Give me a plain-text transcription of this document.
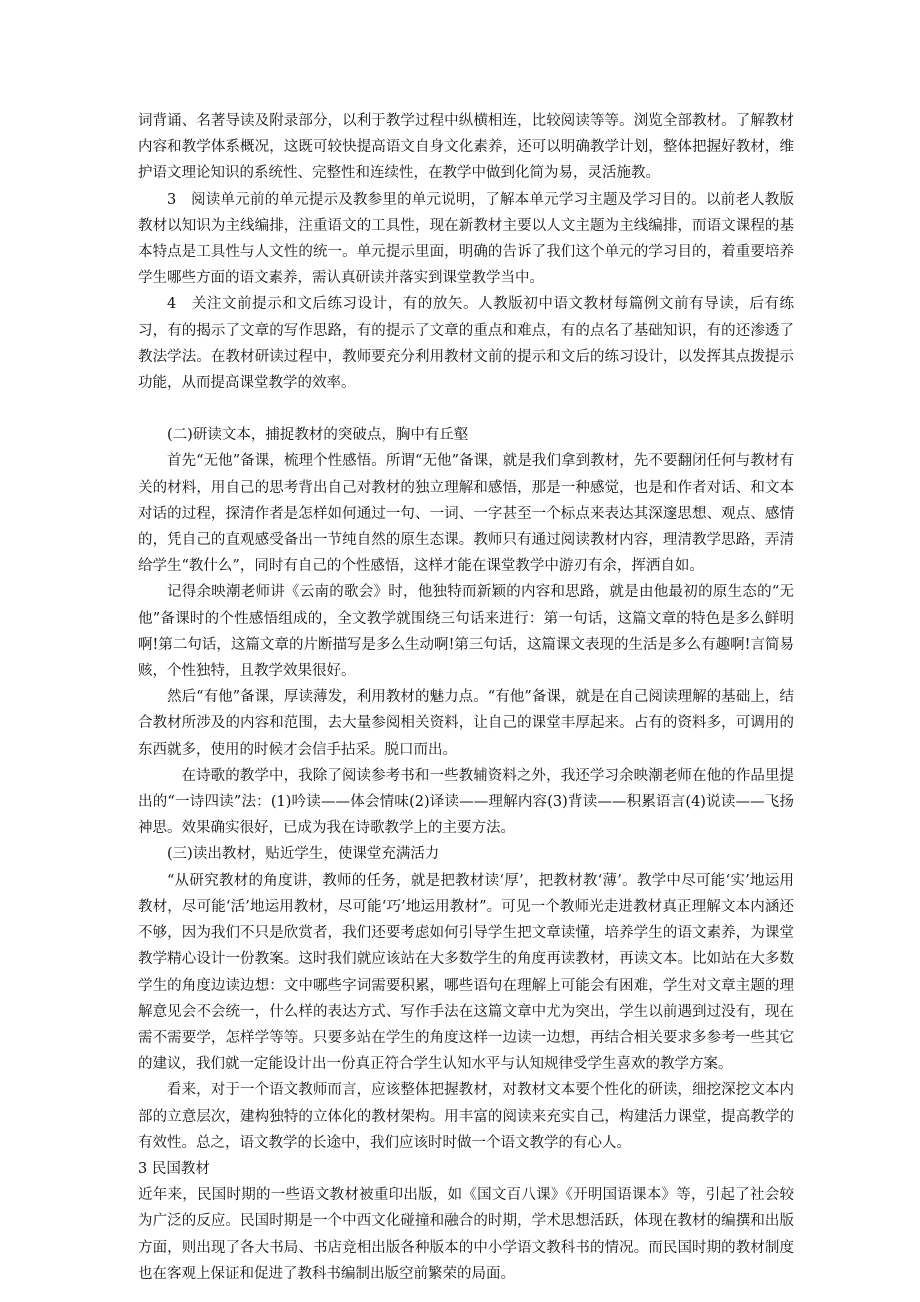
词背诵、名著导读及附录部分，以利于教学过程中纵横相连，比较阅读等等。浏览全部教材。了解教材内容和教学体系概况，这既可较快提高语文自身文化素养，还可以明确教学计划，整体把握好教材，维护语文理论知识的系统性、完整性和连续性，在教学中做到化简为易，灵活施教。

3　阅读单元前的单元提示及教参里的单元说明，了解本单元学习主题及学习目的。以前老人教版教材以知识为主线编排，注重语文的工具性，现在新教材主要以人文主题为主线编排，而语文课程的基本特点是工具性与人文性的统一。单元提示里面，明确的告诉了我们这个单元的学习目的，着重要培养学生哪些方面的语文素养，需认真研读并落实到课堂教学当中。

4　关注文前提示和文后练习设计，有的放矢。人教版初中语文教材每篇例文前有导读，后有练习，有的揭示了文章的写作思路，有的提示了文章的重点和难点，有的点名了基础知识，有的还渗透了教法学法。在教材研读过程中，教师要充分利用教材文前的提示和文后的练习设计，以发挥其点拨提示功能，从而提高课堂教学的效率。

(二)研读文本，捕捉教材的突破点，胸中有丘壑

首先“无他”备课，梳理个性感悟。所谓“无他”备课，就是我们拿到教材，先不要翻闭任何与教材有关的材料，用自己的思考背出自己对教材的独立理解和感悟，那是一种感觉，也是和作者对话、和文本对话的过程，探清作者是怎样如何通过一句、一词、一字甚至一个标点来表达其深邃思想、观点、感情的，凭自己的直观感受备出一节纯自然的原生态课。教师只有通过阅读教材内容，理清教学思路，弄清给学生“教什么”，同时有自己的个性感悟，这样才能在课堂教学中游刃有余，挥洒自如。

记得余映潮老师讲《云南的歌会》时，他独特而新颖的内容和思路，就是由他最初的原生态的“无他”备课时的个性感悟组成的，全文教学就围绕三句话来进行：第一句话，这篇文章的特色是多么鲜明啊!第二句话，这篇文章的片断描写是多么生动啊!第三句话，这篇课文表现的生活是多么有趣啊!言简易赅，个性独特，且教学效果很好。

然后“有他”备课，厚读薄发，利用教材的魅力点。“有他”备课，就是在自己阅读理解的基础上，结合教材所涉及的内容和范围，去大量参阅相关资料，让自己的课堂丰厚起来。占有的资料多，可调用的东西就多，使用的时候才会信手拈采。脱口而出。

在诗歌的教学中，我除了阅读参考书和一些教辅资料之外，我还学习余映潮老师在他的作品里提出的“一诗四读”法：(1)吟读——体会情味(2)译读——理解内容(3)背读——积累语言(4)说读——飞扬神思。效果确实很好，已成为我在诗歌教学上的主要方法。

(三)读出教材，贴近学生，使课堂充满活力

“从研究教材的角度讲，教师的任务，就是把教材读‘厚’，把教材教‘薄’。教学中尽可能‘实’地运用教材，尽可能‘活’地运用教材，尽可能‘巧’地运用教材”。可见一个教师光走进教材真正理解文本内涵还不够，因为我们不只是欣赏者，我们还要考虑如何引导学生把文章读懂，培养学生的语文素养，为课堂教学精心设计一份教案。这时我们就应该站在大多数学生的角度再读教材，再读文本。比如站在大多数学生的角度边读边想：文中哪些字词需要积累，哪些语句在理解上可能会有困难，学生对文章主题的理解意见会不会统一，什么样的表达方式、写作手法在这篇文章中尤为突出，学生以前遇到过没有，现在需不需要学，怎样学等等。只要多站在学生的角度这样一边读一边想，再结合相关要求多参考一些其它的建议，我们就一定能设计出一份真正符合学生认知水平与认知规律受学生喜欢的教学方案。

看来，对于一个语文教师而言，应该整体把握教材，对教材文本要个性化的研读，细挖深挖文本内部的立意层次，建构独特的立体化的教材架构。用丰富的阅读来充实自己，构建活力课堂，提高教学的有效性。总之，语文教学的长途中，我们应该时时做一个语文教学的有心人。

3 民国教材

近年来，民国时期的一些语文教材被重印出版，如《国文百八课》《开明国语课本》等，引起了社会较为广泛的反应。民国时期是一个中西文化碰撞和融合的时期，学术思想活跃，体现在教材的编撰和出版方面，则出现了各大书局、书店竞相出版各种版本的中小学语文教科书的情况。而民国时期的教材制度也在客观上保证和促进了教科书编制出版空前繁荣的局面。
